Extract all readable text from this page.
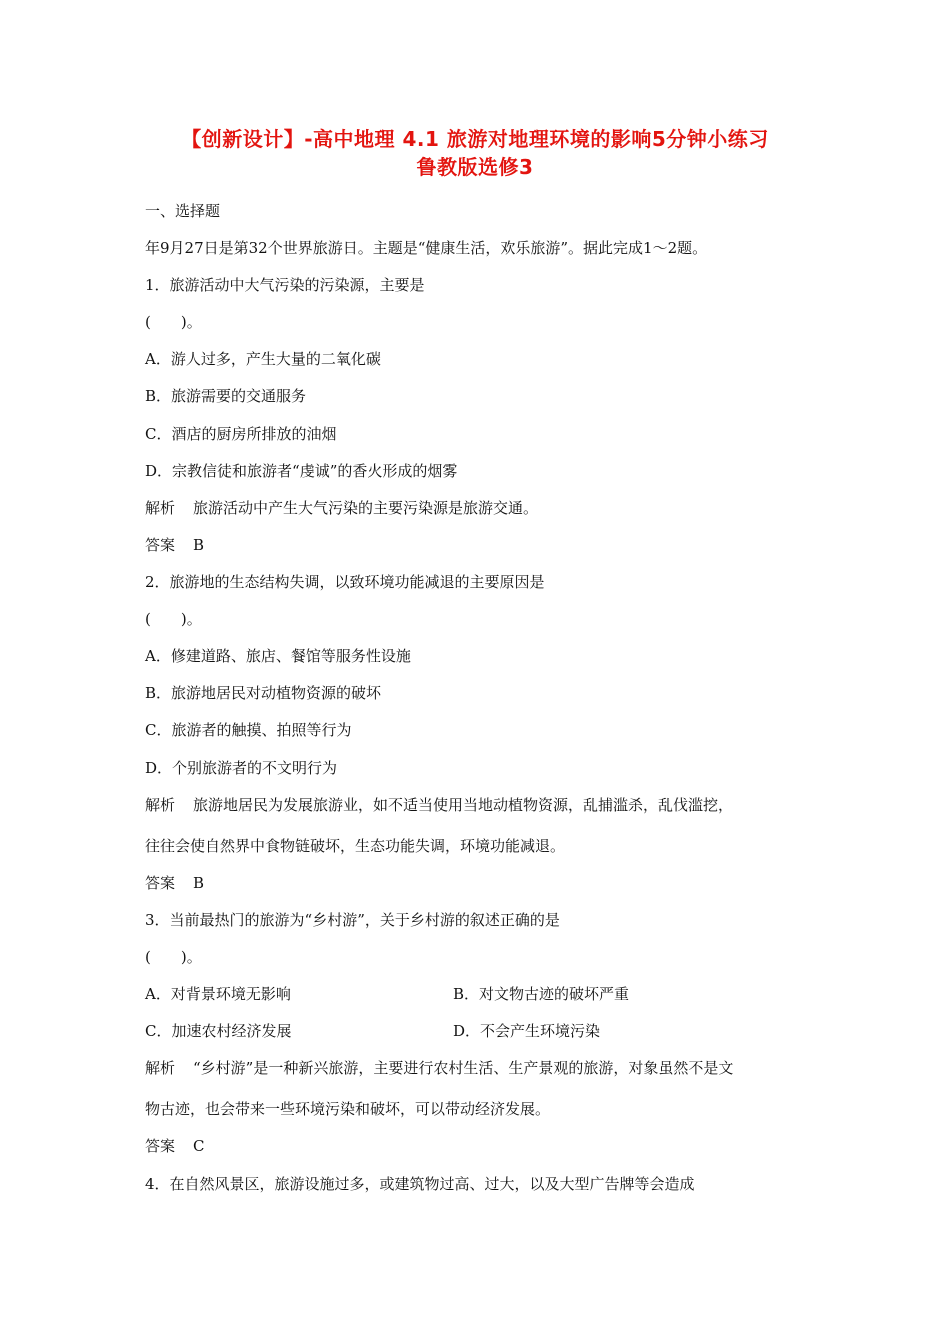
【创新设计】-高中地理 4.1 旅游对地理环境的影响5分钟小练习
鲁教版选修3
一、选择题
年9月27日是第32个世界旅游日。主题是“健康生活，欢乐旅游”。据此完成1～2题。
1．旅游活动中大气污染的污染源，主要是
(　　)。
A．游人过多，产生大量的二氧化碳
B．旅游需要的交通服务
C．酒店的厨房所排放的油烟
D．宗教信徒和旅游者“虔诚”的香火形成的烟雾
解析 旅游活动中产生大气污染的主要污染源是旅游交通。
答案 B
2．旅游地的生态结构失调，以致环境功能减退的主要原因是
(　　)。
A．修建道路、旅店、餐馆等服务性设施
B．旅游地居民对动植物资源的破坏
C．旅游者的触摸、拍照等行为
D．个别旅游者的不文明行为
解析 旅游地居民为发展旅游业，如不适当使用当地动植物资源，乱捕滥杀，乱伐滥挖，
往往会使自然界中食物链破坏，生态功能失调，环境功能减退。
答案 B
3．当前最热门的旅游为“乡村游”，关于乡村游的叙述正确的是
(　　)。
A．对背景环境无影响	B．对文物古迹的破坏严重
C．加速农村经济发展	D．不会产生环境污染
解析 “乡村游”是一种新兴旅游，主要进行农村生活、生产景观的旅游，对象虽然不是文
物古迹，也会带来一些环境污染和破坏，可以带动经济发展。
答案 C
4．在自然风景区，旅游设施过多，或建筑物过高、过大，以及大型广告牌等会造成
